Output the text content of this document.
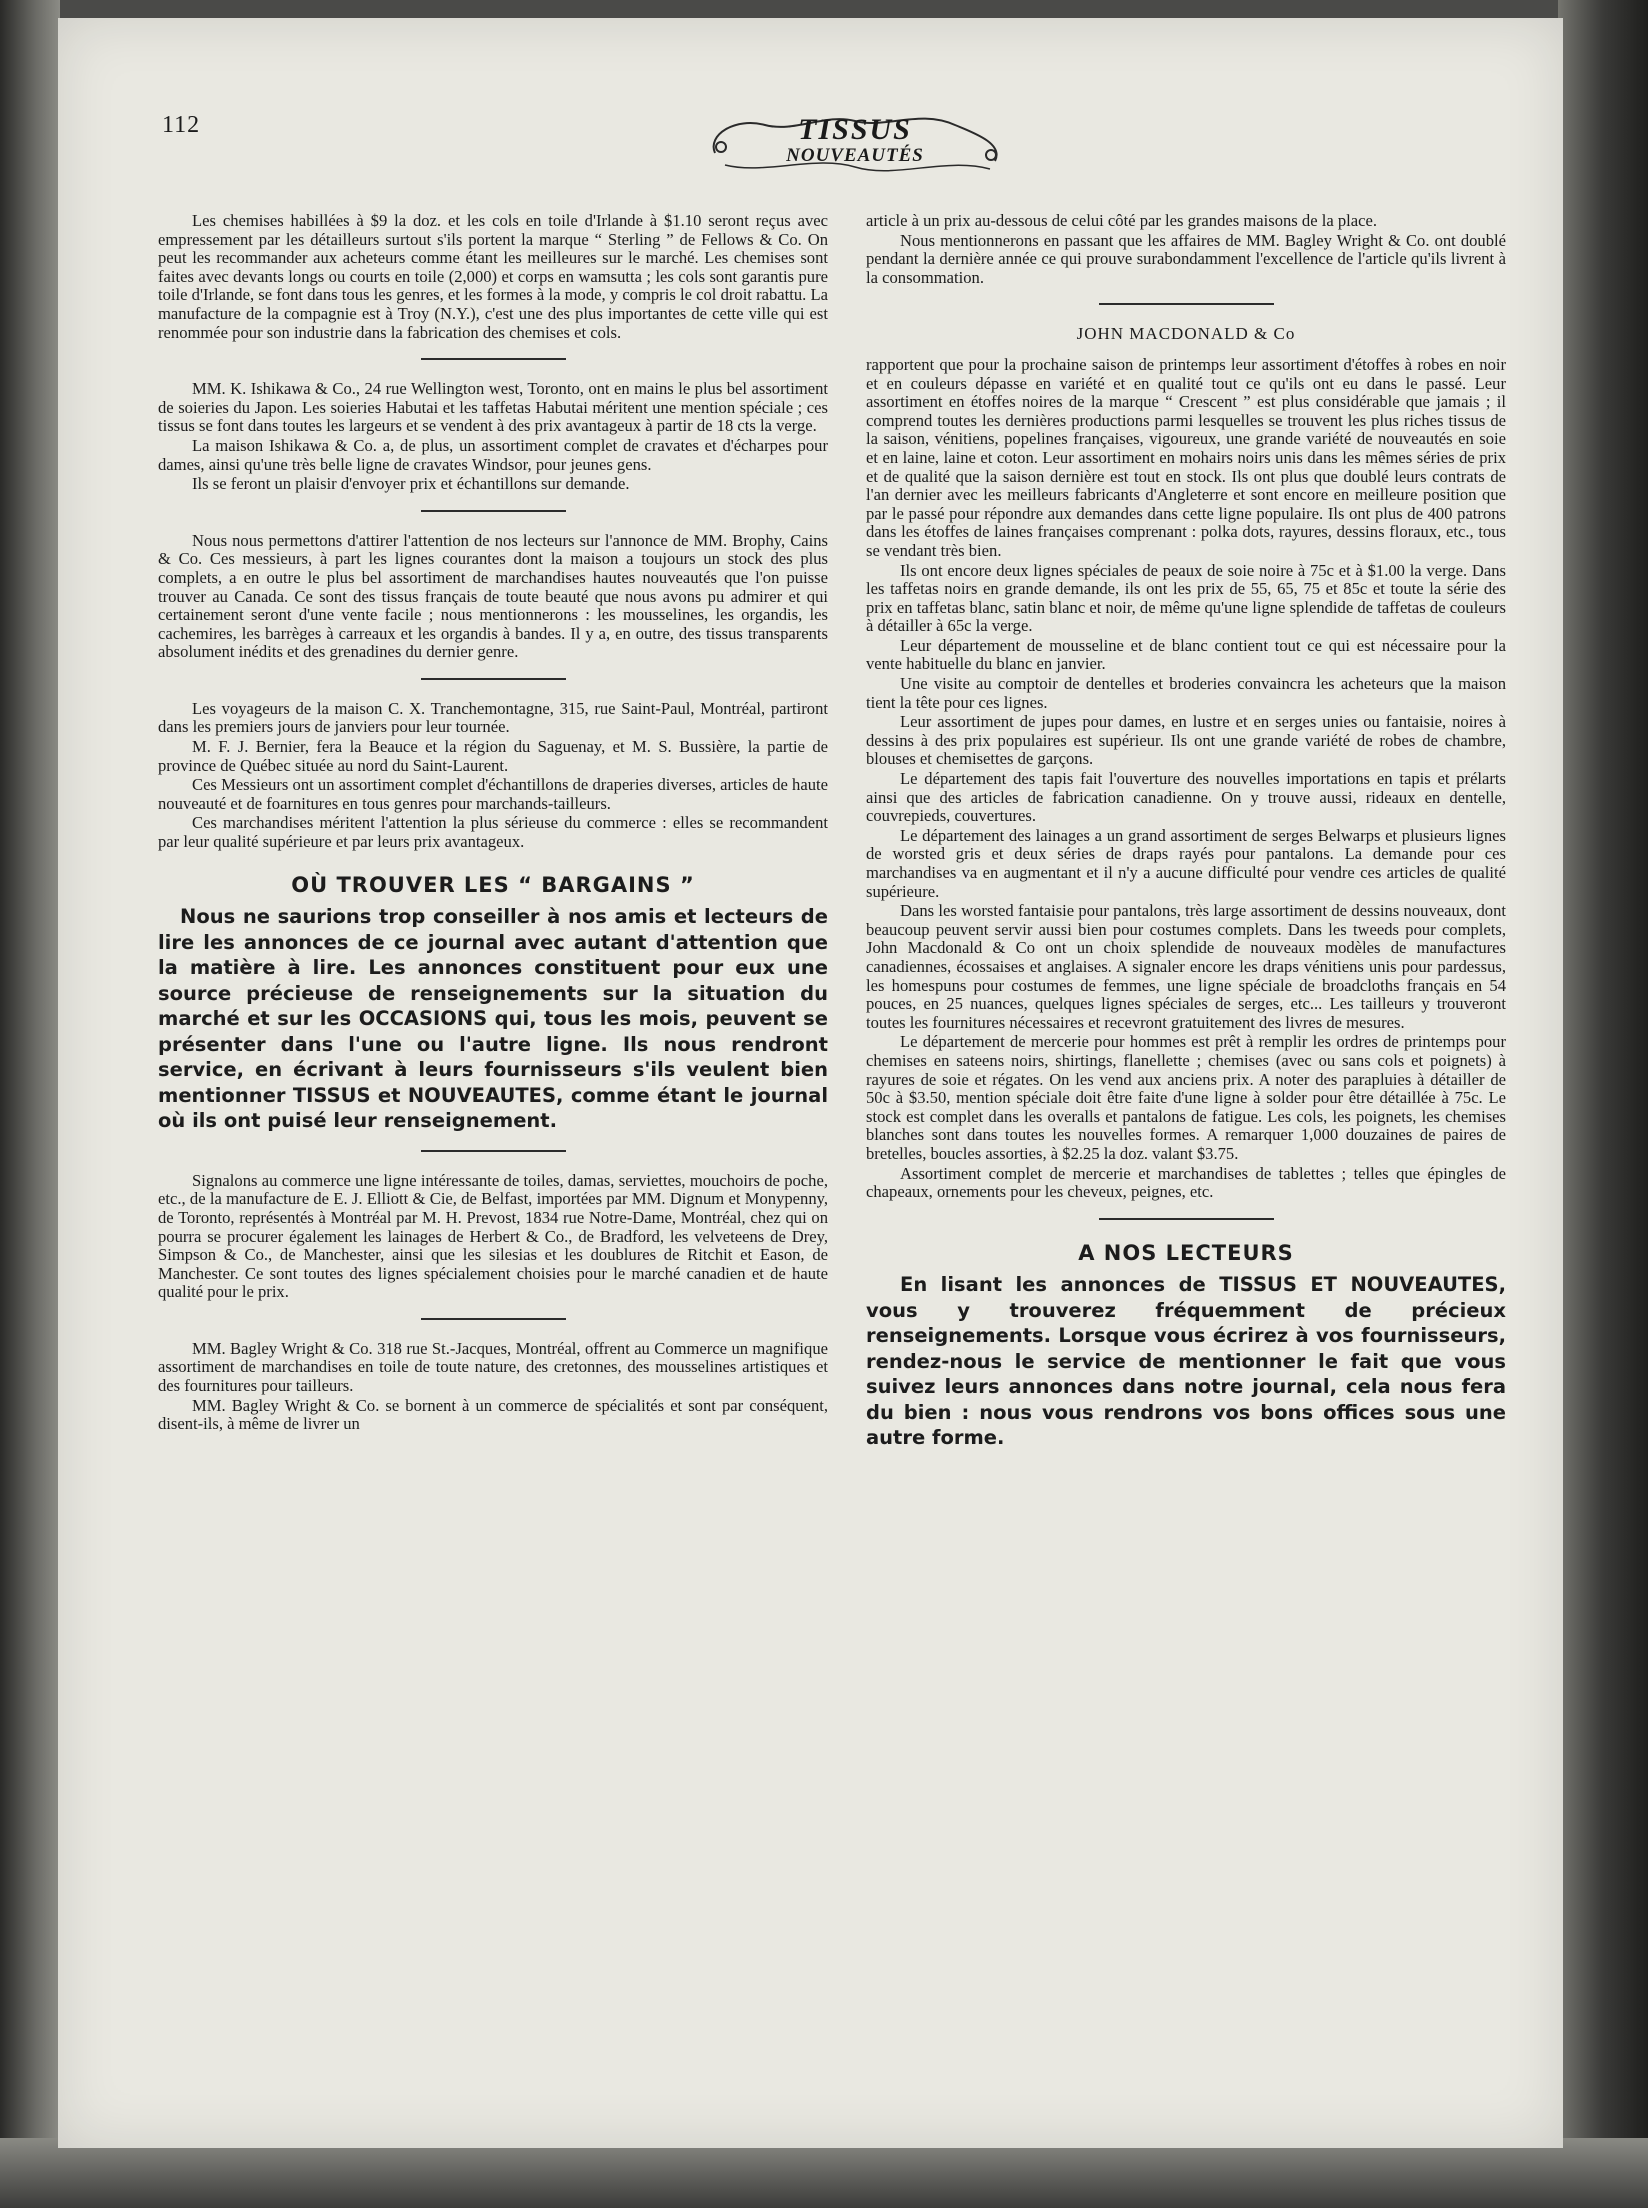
112	TISSUS
NOUVEAUTÉS

Les chemises habillées à $9 la doz. et les cols en toile d'Irlande à $1.10 seront reçus avec empressement par les détailleurs surtout s'ils portent la marque “ Sterling ” de Fellows & Co. On peut les recommander aux acheteurs comme étant les meilleures sur le marché. Les chemises sont faites avec devants longs ou courts en toile (2,000) et corps en wamsutta ; les cols sont garantis pure toile d'Irlande, se font dans tous les genres, et les formes à la mode, y compris le col droit rabattu. La manufacture de la compagnie est à Troy (N.Y.), c'est une des plus importantes de cette ville qui est renommée pour son industrie dans la fabrication des chemises et cols.

MM. K. Ishikawa & Co., 24 rue Wellington west, Toronto, ont en mains le plus bel assortiment de soieries du Japon. Les soieries Habutai et les taffetas Habutai méritent une mention spéciale ; ces tissus se font dans toutes les largeurs et se vendent à des prix avantageux à partir de 18 cts la verge.

La maison Ishikawa & Co. a, de plus, un assortiment complet de cravates et d'écharpes pour dames, ainsi qu'une très belle ligne de cravates Windsor, pour jeunes gens.

Ils se feront un plaisir d'envoyer prix et échantillons sur demande.

Nous nous permettons d'attirer l'attention de nos lecteurs sur l'annonce de MM. Brophy, Cains & Co. Ces messieurs, à part les lignes courantes dont la maison a toujours un stock des plus complets, a en outre le plus bel assortiment de marchandises hautes nouveautés que l'on puisse trouver au Canada. Ce sont des tissus français de toute beauté que nous avons pu admirer et qui certainement seront d'une vente facile ; nous mentionnerons : les mousselines, les organdis, les cachemires, les barrèges à carreaux et les organdis à bandes. Il y a, en outre, des tissus transparents absolument inédits et des grenadines du dernier genre.

Les voyageurs de la maison C. X. Tranchemontagne, 315, rue Saint-Paul, Montréal, partiront dans les premiers jours de janviers pour leur tournée.

M. F. J. Bernier, fera la Beauce et la région du Saguenay, et M. S. Bussière, la partie de province de Québec située au nord du Saint-Laurent.

Ces Messieurs ont un assortiment complet d'échantillons de draperies diverses, articles de haute nouveauté et de foarnitures en tous genres pour marchands-tailleurs.

Ces marchandises méritent l'attention la plus sérieuse du commerce : elles se recommandent par leur qualité supérieure et par leurs prix avantageux.

OÙ TROUVER LES “ BARGAINS ”

Nous ne saurions trop conseiller à nos amis et lecteurs de lire les annonces de ce journal avec autant d'attention que la matière à lire. Les annonces constituent pour eux une source précieuse de renseignements sur la situation du marché et sur les OCCASIONS qui, tous les mois, peuvent se présenter dans l'une ou l'autre ligne. Ils nous rendront service, en écrivant à leurs fournisseurs s'ils veulent bien mentionner TISSUS et NOUVEAUTES, comme étant le journal où ils ont puisé leur renseignement.

Signalons au commerce une ligne intéressante de toiles, damas, serviettes, mouchoirs de poche, etc., de la manufacture de E. J. Elliott & Cie, de Belfast, importées par MM. Dignum et Monypenny, de Toronto, représentés à Montréal par M. H. Prevost, 1834 rue Notre-Dame, Montréal, chez qui on pourra se procurer également les lainages de Herbert & Co., de Bradford, les velveteens de Drey, Simpson & Co., de Manchester, ainsi que les silesias et les doublures de Ritchit et Eason, de Manchester. Ce sont toutes des lignes spécialement choisies pour le marché canadien et de haute qualité pour le prix.

MM. Bagley Wright & Co. 318 rue St.-Jacques, Montréal, offrent au Commerce un magnifique assortiment de marchandises en toile de toute nature, des cretonnes, des mousselines artistiques et des fournitures pour tailleurs.

MM. Bagley Wright & Co. se bornent à un commerce de spécialités et sont par conséquent, disent-ils, à même de livrer un

article à un prix au-dessous de celui côté par les grandes maisons de la place.

Nous mentionnerons en passant que les affaires de MM. Bagley Wright & Co. ont doublé pendant la dernière année ce qui prouve surabondamment l'excellence de l'article qu'ils livrent à la consommation.

JOHN MACDONALD & Co

rapportent que pour la prochaine saison de printemps leur assortiment d'étoffes à robes en noir et en couleurs dépasse en variété et en qualité tout ce qu'ils ont eu dans le passé. Leur assortiment en étoffes noires de la marque “ Crescent ” est plus considérable que jamais ; il comprend toutes les dernières productions parmi lesquelles se trouvent les plus riches tissus de la saison, vénitiens, popelines françaises, vigoureux, une grande variété de nouveautés en soie et en laine, laine et coton. Leur assortiment en mohairs noirs unis dans les mêmes séries de prix et de qualité que la saison dernière est tout en stock. Ils ont plus que doublé leurs contrats de l'an dernier avec les meilleurs fabricants d'Angleterre et sont encore en meilleure position que par le passé pour répondre aux demandes dans cette ligne populaire. Ils ont plus de 400 patrons dans les étoffes de laines françaises comprenant : polka dots, rayures, dessins floraux, etc., tous se vendant très bien.

Ils ont encore deux lignes spéciales de peaux de soie noire à 75c et à $1.00 la verge. Dans les taffetas noirs en grande demande, ils ont les prix de 55, 65, 75 et 85c et toute la série des prix en taffetas blanc, satin blanc et noir, de même qu'une ligne splendide de taffetas de couleurs à détailler à 65c la verge.

Leur département de mousseline et de blanc contient tout ce qui est nécessaire pour la vente habituelle du blanc en janvier.

Une visite au comptoir de dentelles et broderies convaincra les acheteurs que la maison tient la tête pour ces lignes.

Leur assortiment de jupes pour dames, en lustre et en serges unies ou fantaisie, noires à dessins à des prix populaires est supérieur. Ils ont une grande variété de robes de chambre, blouses et chemisettes de garçons.

Le département des tapis fait l'ouverture des nouvelles importations en tapis et prélarts ainsi que des articles de fabrication canadienne. On y trouve aussi, rideaux en dentelle, couvrepieds, couvertures.

Le département des lainages a un grand assortiment de serges Belwarps et plusieurs lignes de worsted gris et deux séries de draps rayés pour pantalons. La demande pour ces marchandises va en augmentant et il n'y a aucune difficulté pour vendre ces articles de qualité supérieure.

Dans les worsted fantaisie pour pantalons, très large assortiment de dessins nouveaux, dont beaucoup peuvent servir aussi bien pour costumes complets. Dans les tweeds pour complets, John Macdonald & Co ont un choix splendide de nouveaux modèles de manufactures canadiennes, écossaises et anglaises. A signaler encore les draps vénitiens unis pour pardessus, les homespuns pour costumes de femmes, une ligne spéciale de broadcloths français en 54 pouces, en 25 nuances, quelques lignes spéciales de serges, etc... Les tailleurs y trouveront toutes les fournitures nécessaires et recevront gratuitement des livres de mesures.

Le département de mercerie pour hommes est prêt à remplir les ordres de printemps pour chemises en sateens noirs, shirtings, flanellette ; chemises (avec ou sans cols et poignets) à rayures de soie et régates. On les vend aux anciens prix. A noter des parapluies à détailler de 50c à $3.50, mention spéciale doit être faite d'une ligne à solder pour être détaillée à 75c. Le stock est complet dans les overalls et pantalons de fatigue. Les cols, les poignets, les chemises blanches sont dans toutes les nouvelles formes. A remarquer 1,000 douzaines de paires de bretelles, boucles assorties, à $2.25 la doz. valant $3.75.

Assortiment complet de mercerie et marchandises de tablettes ; telles que épingles de chapeaux, ornements pour les cheveux, peignes, etc.

A NOS LECTEURS

En lisant les annonces de TISSUS ET NOUVEAUTES, vous y trouverez fréquemment de précieux renseignements. Lorsque vous écrirez à vos fournisseurs, rendez-nous le service de mentionner le fait que vous suivez leurs annonces dans notre journal, cela nous fera du bien : nous vous rendrons vos bons offices sous une autre forme.
